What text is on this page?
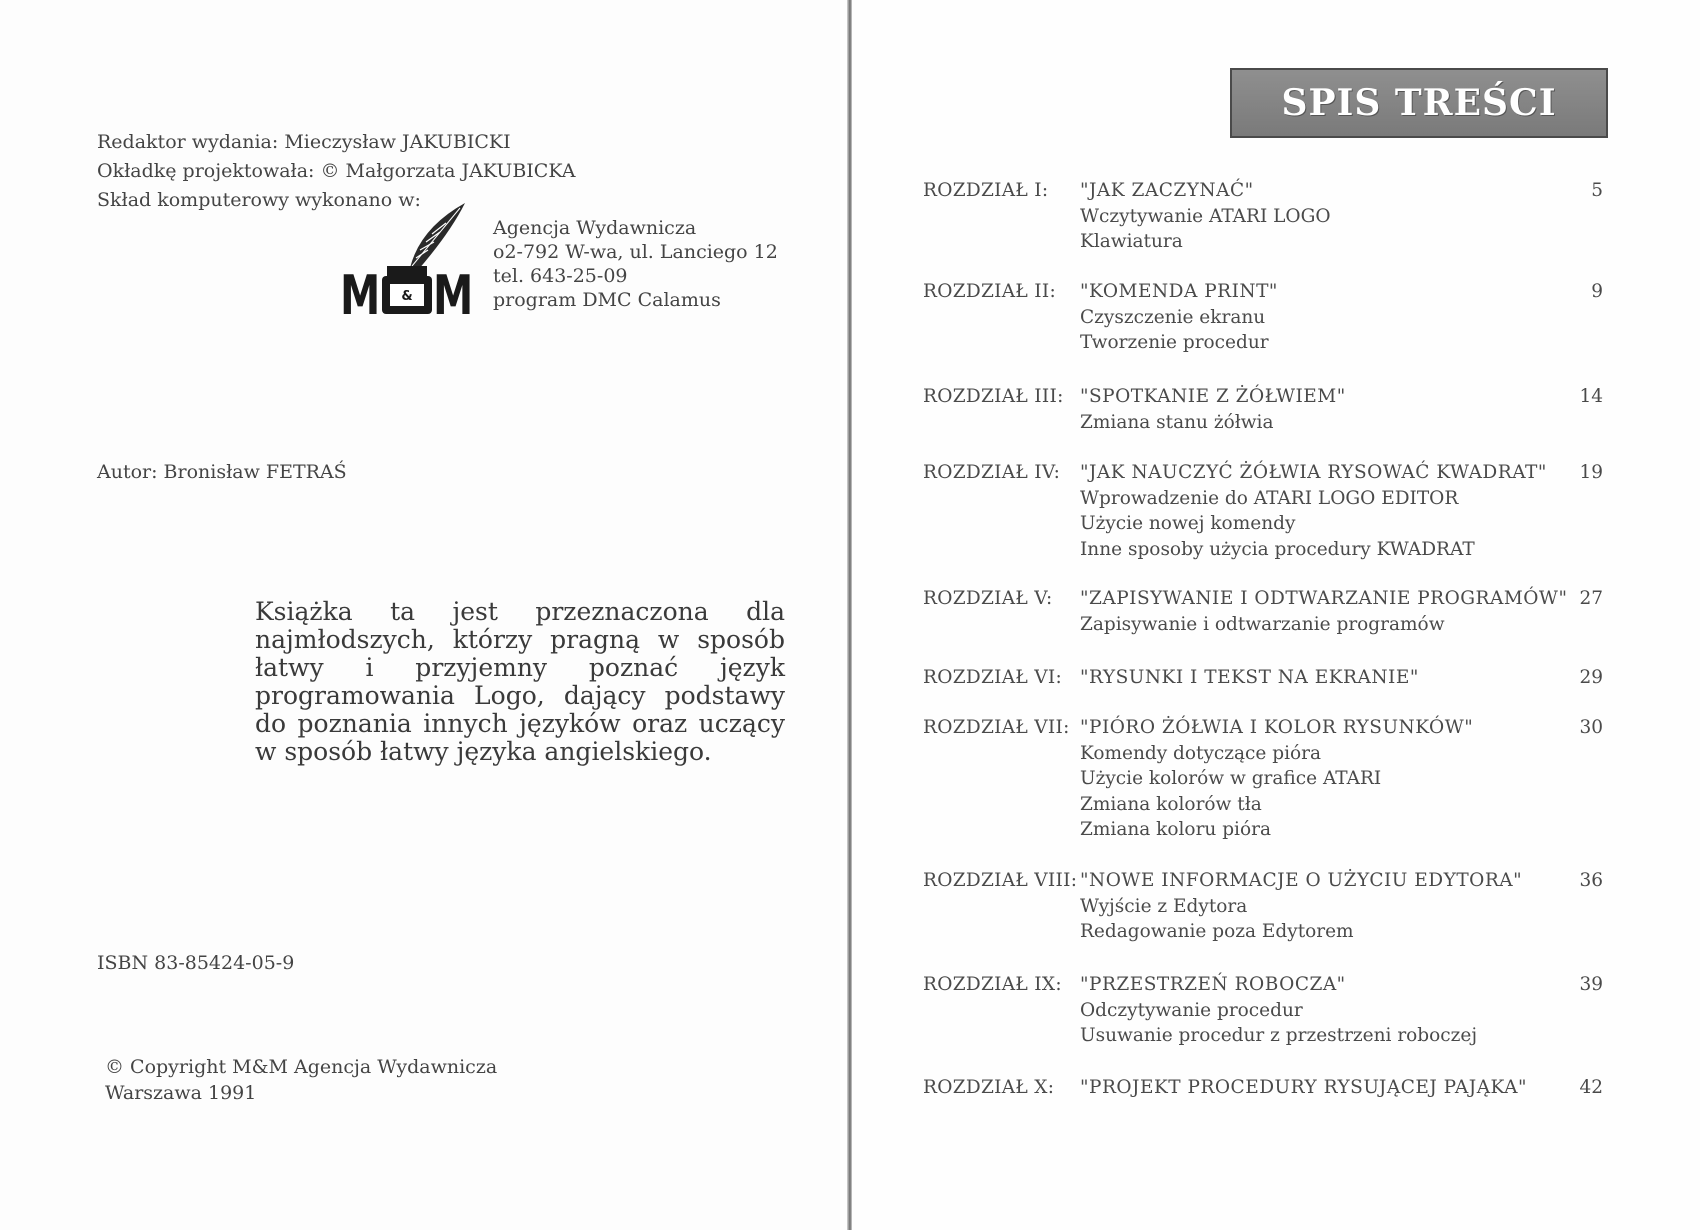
Redaktor wydania: Mieczysław JAKUBICKI
Okładkę projektowała: © Małgorzata JAKUBICKA
Skład komputerowy wykonano w:
&
M M
Agencja Wydawnicza
o2-792 W-wa, ul. Lanciego 12
tel. 643-25-09
program DMC Calamus
Autor: Bronisław FETRAŚ
Książka ta jest przeznaczona dla najmłodszych, którzy pragną w sposób łatwy i przyjemny poznać język programowania Logo, dający podstawy do poznania innych języków oraz uczący w sposób łatwy języka angielskiego.
ISBN 83-85424-05-9
© Copyright M&M Agencja Wydawnicza
Warszawa 1991
SPIS TREŚCI
ROZDZIAŁ I: "JAK ZACZYNAĆ"
Wczytywanie ATARI LOGO
Klawiatura
5
ROZDZIAŁ II: "KOMENDA PRINT"
Czyszczenie ekranu
Tworzenie procedur
9
ROZDZIAŁ III: "SPOTKANIE Z ŻÓŁWIEM"
Zmiana stanu żółwia
14
ROZDZIAŁ IV: "JAK NAUCZYĆ ŻÓŁWIA RYSOWAĆ KWADRAT"
Wprowadzenie do ATARI LOGO EDITOR
Użycie nowej komendy
Inne sposoby użycia procedury KWADRAT
19
ROZDZIAŁ V: "ZAPISYWANIE I ODTWARZANIE PROGRAMÓW"
Zapisywanie i odtwarzanie programów
27
ROZDZIAŁ VI: "RYSUNKI I TEKST NA EKRANIE"	29
ROZDZIAŁ VII: "PIÓRO ŻÓŁWIA I KOLOR RYSUNKÓW"
Komendy dotyczące pióra
Użycie kolorów w grafice ATARI
Zmiana kolorów tła
Zmiana koloru pióra
30
ROZDZIAŁ VIII: "NOWE INFORMACJE O UŻYCIU EDYTORA"
Wyjście z Edytora
Redagowanie poza Edytorem
36
ROZDZIAŁ IX: "PRZESTRZEŃ ROBOCZA"
Odczytywanie procedur
Usuwanie procedur z przestrzeni roboczej
39
ROZDZIAŁ X: "PROJEKT PROCEDURY RYSUJĄCEJ PAJĄKA"	42
